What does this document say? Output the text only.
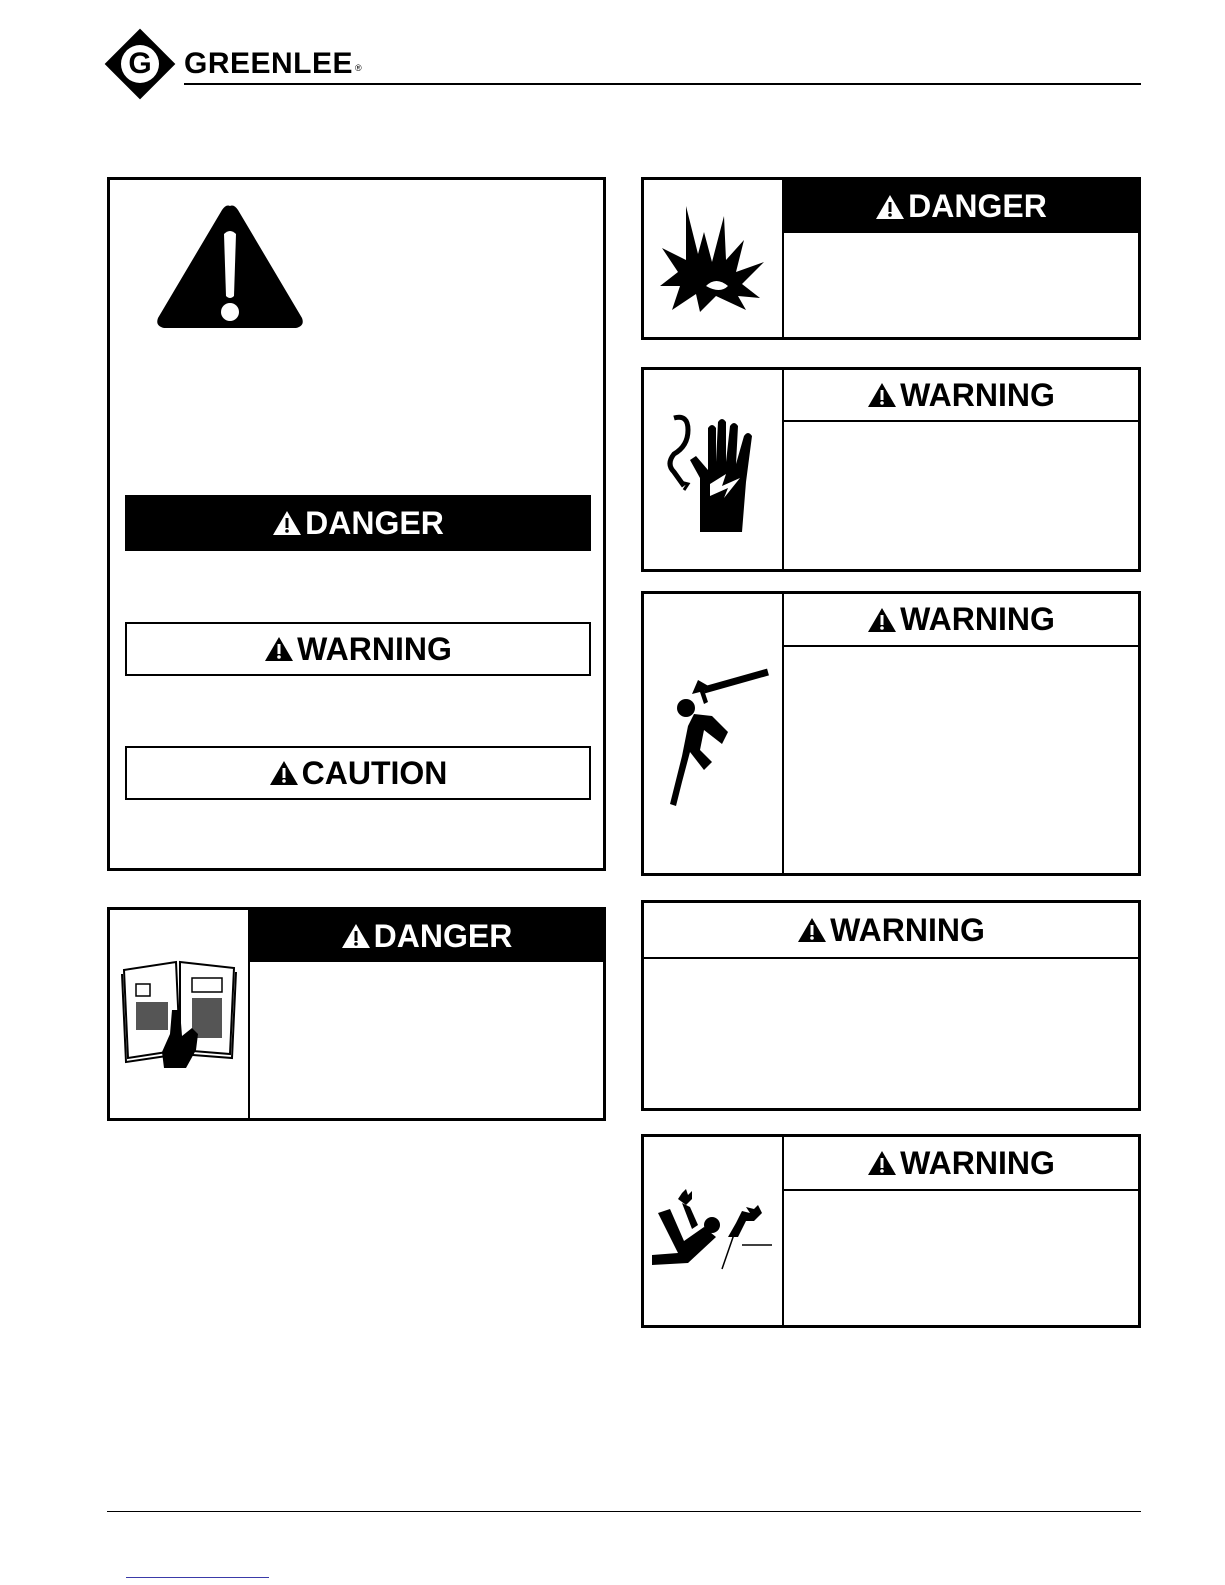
G GREENLEE ®
DANGER
WARNING
CAUTION
DANGER
DANGER
WARNING
WARNING
WARNING
WARNING
